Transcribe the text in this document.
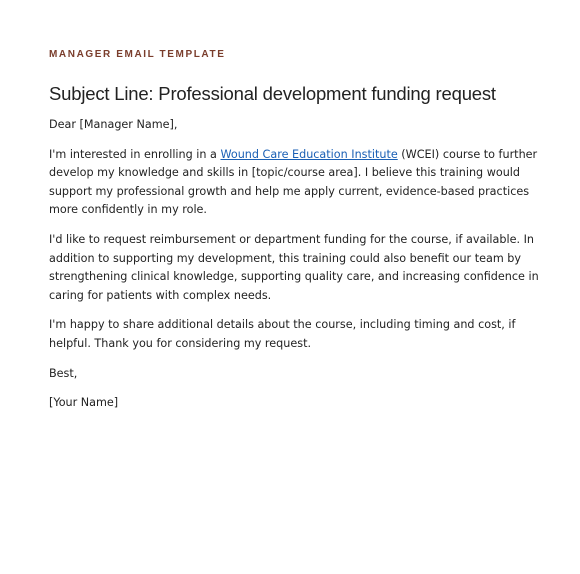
MANAGER EMAIL TEMPLATE
Subject Line: Professional development funding request

Dear [Manager Name],

I'm interested in enrolling in a Wound Care Education Institute (WCEI) course to further develop my knowledge and skills in [topic/course area]. I believe this training would support my professional growth and help me apply current, evidence-based practices more confidently in my role.

I'd like to request reimbursement or department funding for the course, if available. In addition to supporting my development, this training could also benefit our team by strengthening clinical knowledge, supporting quality care, and increasing confidence in caring for patients with complex needs.

I'm happy to share additional details about the course, including timing and cost, if helpful. Thank you for considering my request.

Best,

[Your Name]
